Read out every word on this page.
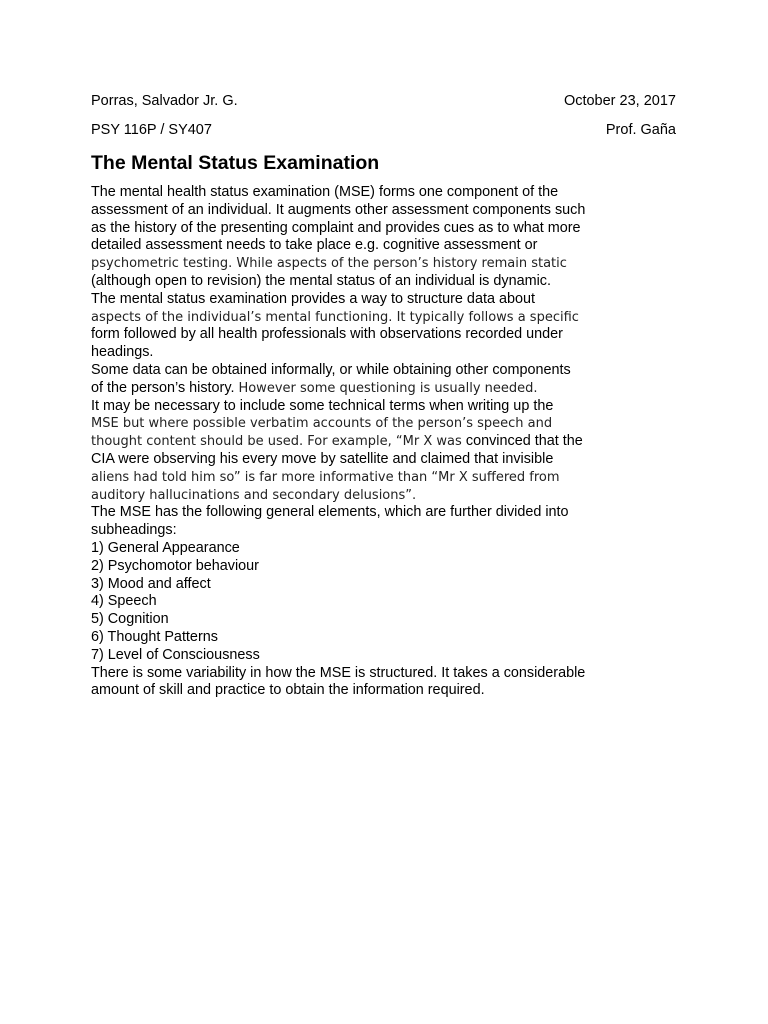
Porras, Salvador Jr. G.	October 23, 2017
PSY 116P / SY407	Prof. Gaña
The Mental Status Examination
The mental health status examination (MSE) forms one component of the
assessment of an individual. It augments other assessment components such
as the history of the presenting complaint and provides cues as to what more
detailed assessment needs to take place e.g. cognitive assessment or
psychometric testing. While aspects of the person’s history remain static
(although open to revision) the mental status of an individual is dynamic.
The mental status examination provides a way to structure data about
aspects of the individual’s mental functioning. It typically follows a specific
form followed by all health professionals with observations recorded under
headings.
Some data can be obtained informally, or while obtaining other components
of the person’s history. However some questioning is usually needed.
It may be necessary to include some technical terms when writing up the
MSE but where possible verbatim accounts of the person’s speech and
thought content should be used. For example, “Mr X was convinced that the
CIA were observing his every move by satellite and claimed that invisible
aliens had told him so” is far more informative than “Mr X suffered from
auditory hallucinations and secondary delusions”.
The MSE has the following general elements, which are further divided into
subheadings:
1) General Appearance
2) Psychomotor behaviour
3) Mood and affect
4) Speech
5) Cognition
6) Thought Patterns
7) Level of Consciousness
There is some variability in how the MSE is structured. It takes a considerable
amount of skill and practice to obtain the information required.
